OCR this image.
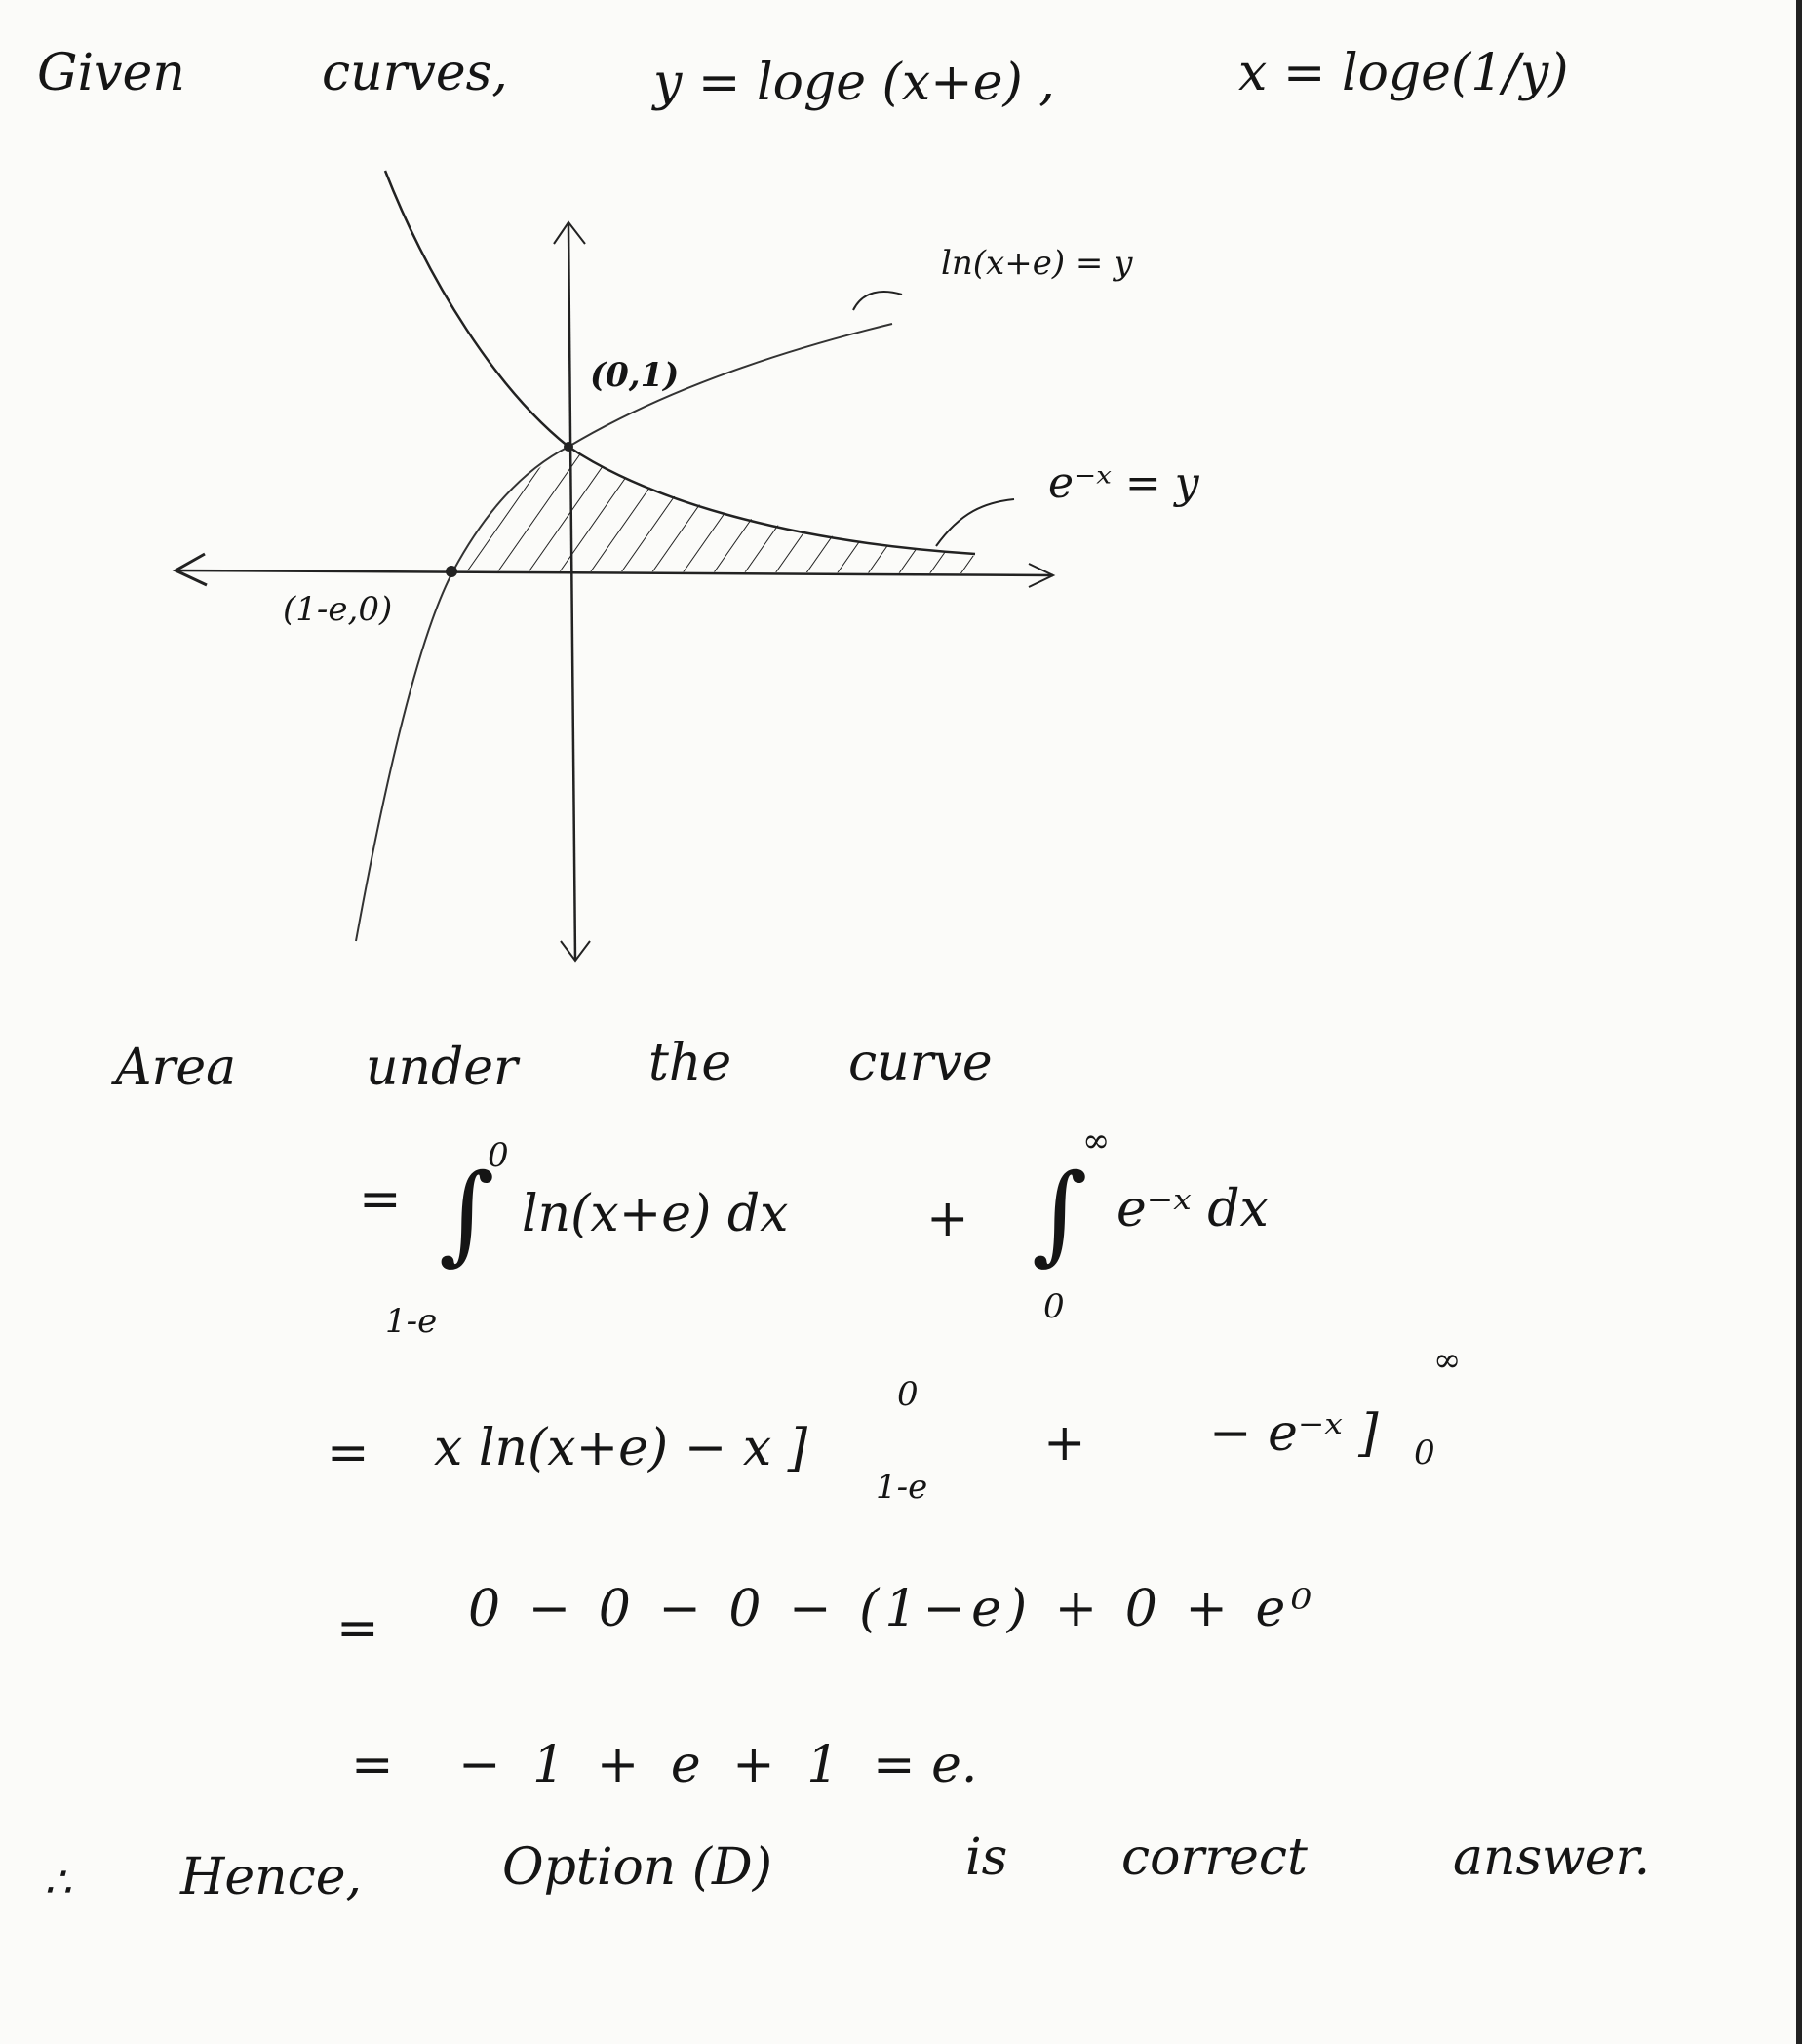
Given	curves,	y = loge (x+e) ,	x = loge(1/y)
ln(x+e) = y
(0,1)
e⁻ˣ = y
(1-e,0)
Area	under	the curve
= ∫
0
1-e
ln(x+e) dx	+ ∫
∞
0
e⁻ˣ dx
= x ln(x+e) − x ]
0
1-e
+ − e⁻ˣ ]
∞
0
= 0 − 0 − 0 − (1−e) + 0 + e⁰
= − 1 + e + 1 = e.
∴ Hence,	Option (D)	is correct	answer.
